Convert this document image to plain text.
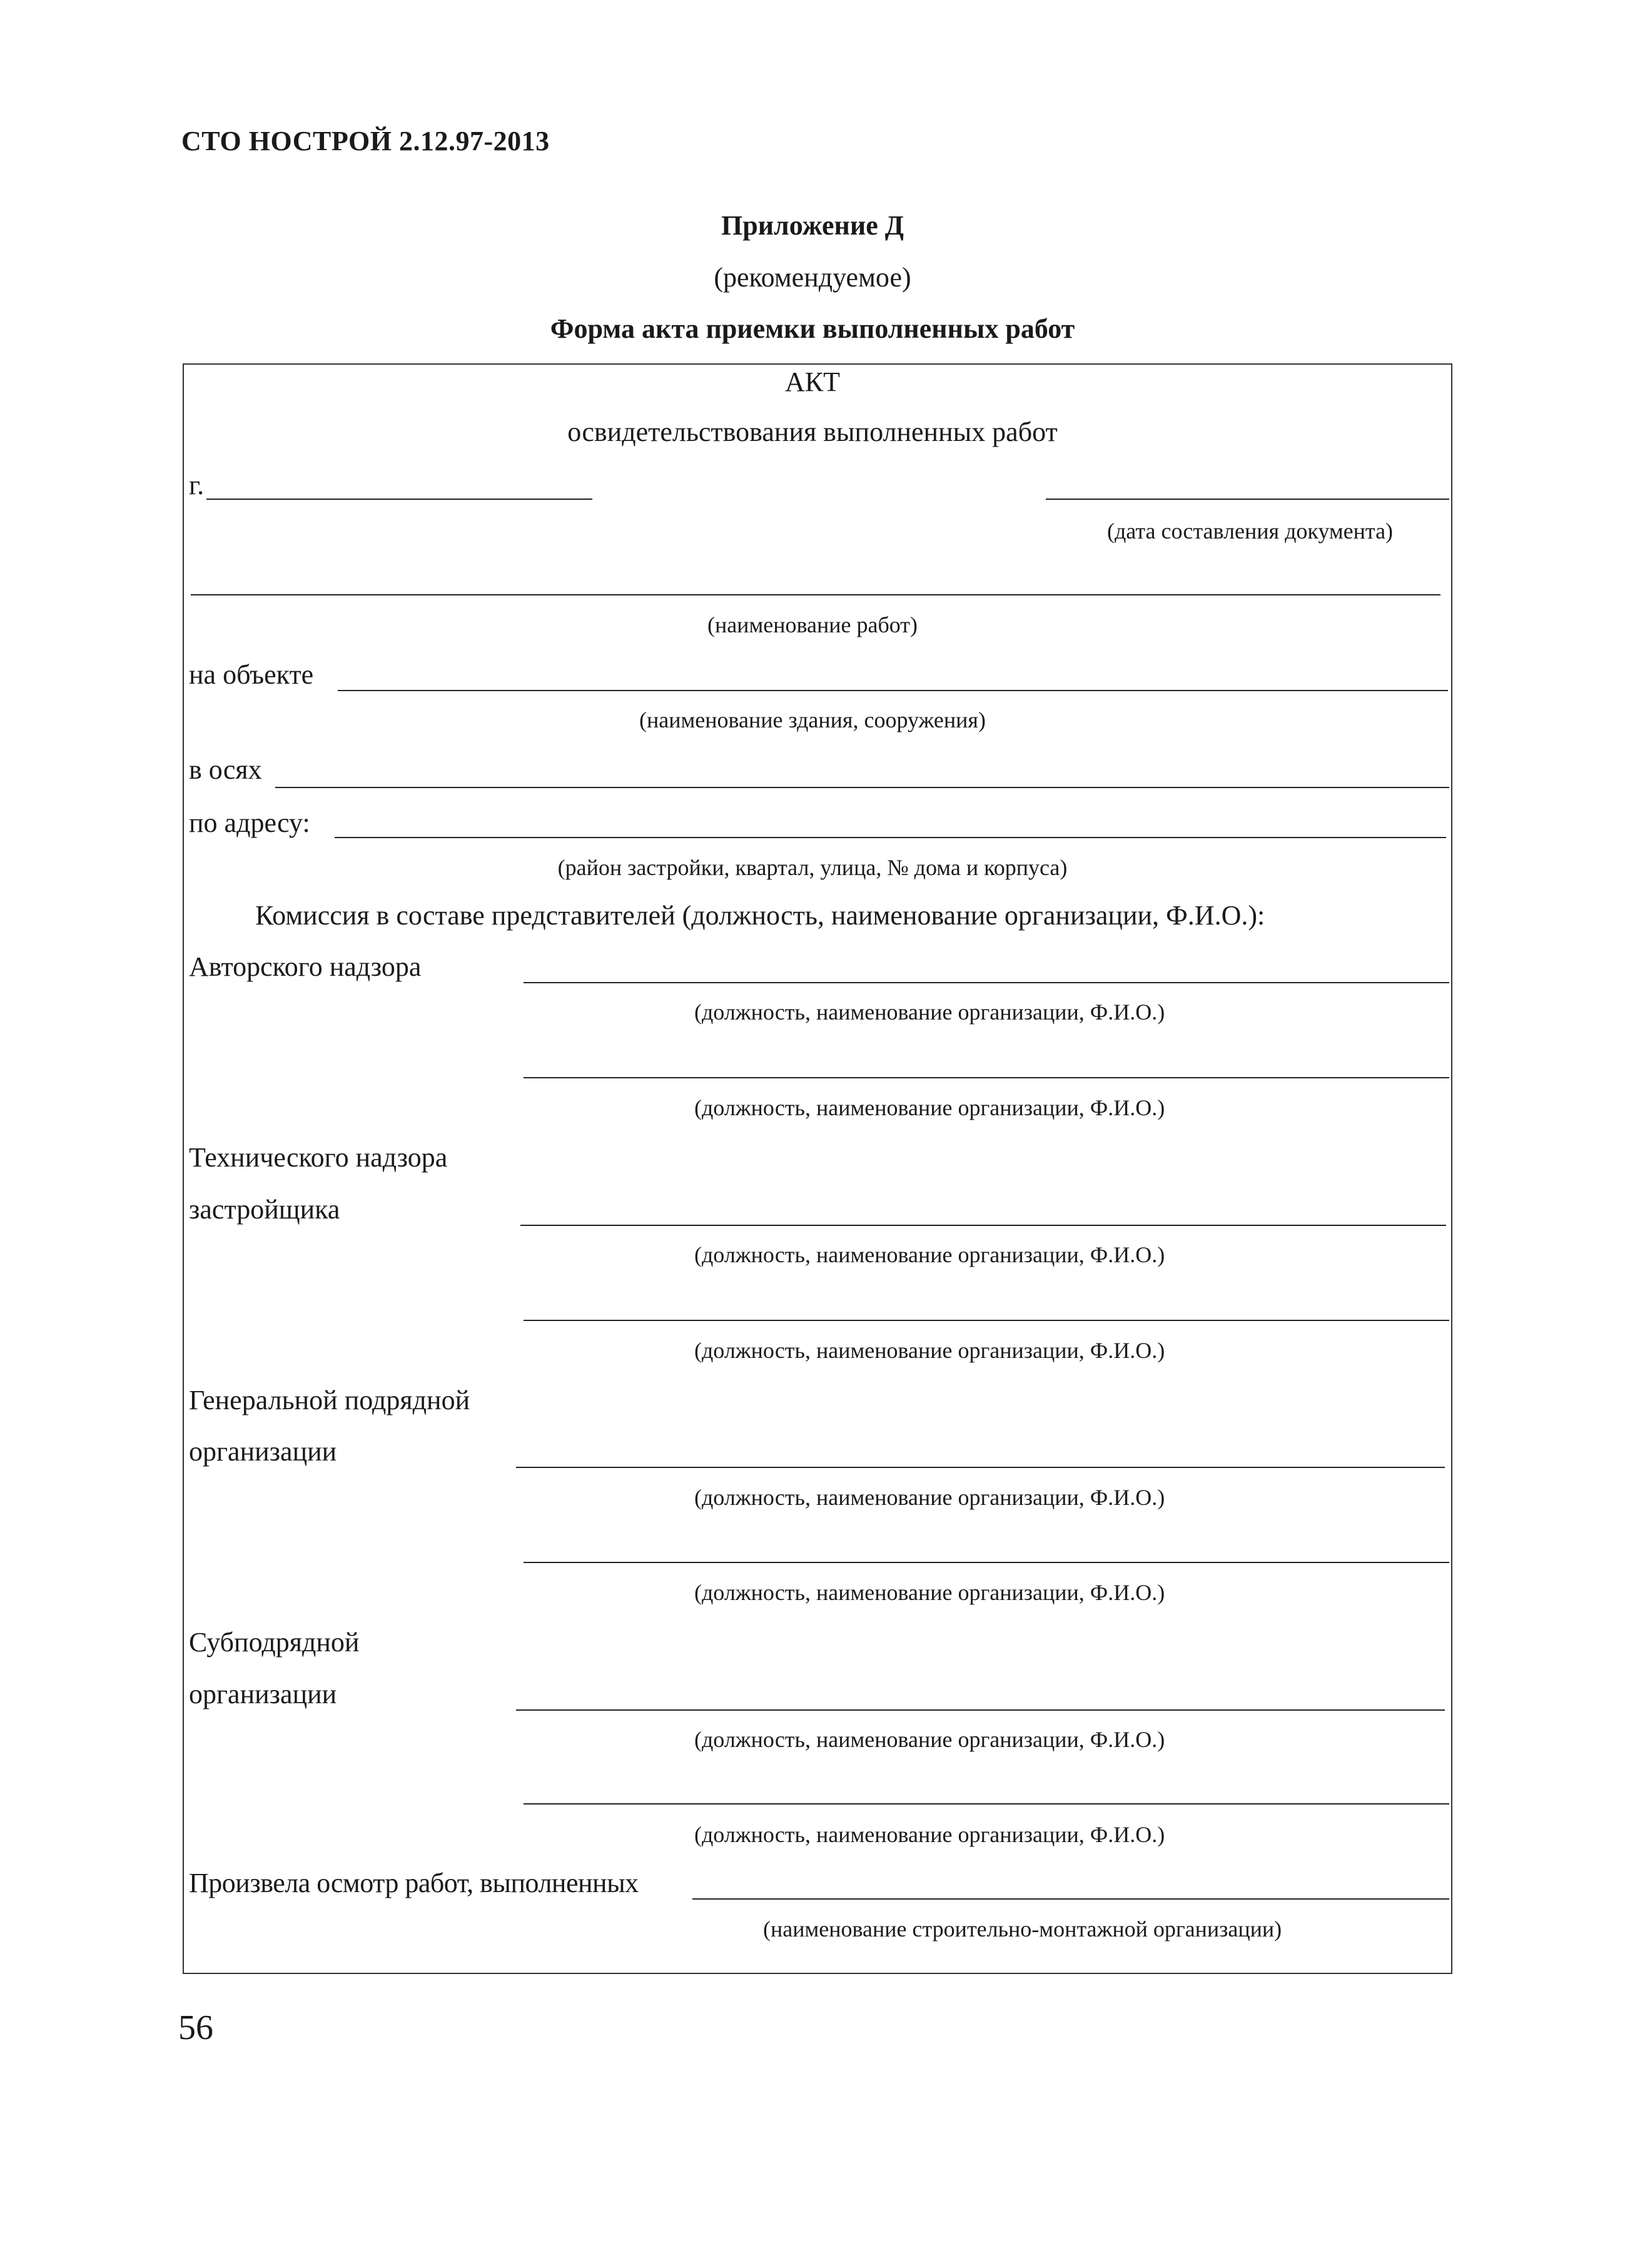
СТО НОСТРОЙ 2.12.97-2013
Приложение Д
(рекомендуемое)
Форма акта приемки выполненных работ
АКТ
освидетельствования выполненных работ
г.
(дата составления документа)
(наименование работ)
на объекте
(наименование здания, сооружения)
в осях
по адресу:
(район застройки, квартал, улица, № дома и корпуса)
Комиссия в составе представителей (должность, наименование организации, Ф.И.О.):
Авторского надзора
(должность, наименование организации, Ф.И.О.)
(должность, наименование организации, Ф.И.О.)
Технического надзора
застройщика
(должность, наименование организации, Ф.И.О.)
(должность, наименование организации, Ф.И.О.)
Генеральной подрядной
организации
(должность, наименование организации, Ф.И.О.)
(должность, наименование организации, Ф.И.О.)
Субподрядной
организации
(должность, наименование организации, Ф.И.О.)
(должность, наименование организации, Ф.И.О.)
Произвела осмотр работ, выполненных
(наименование строительно-монтажной организации)
56
